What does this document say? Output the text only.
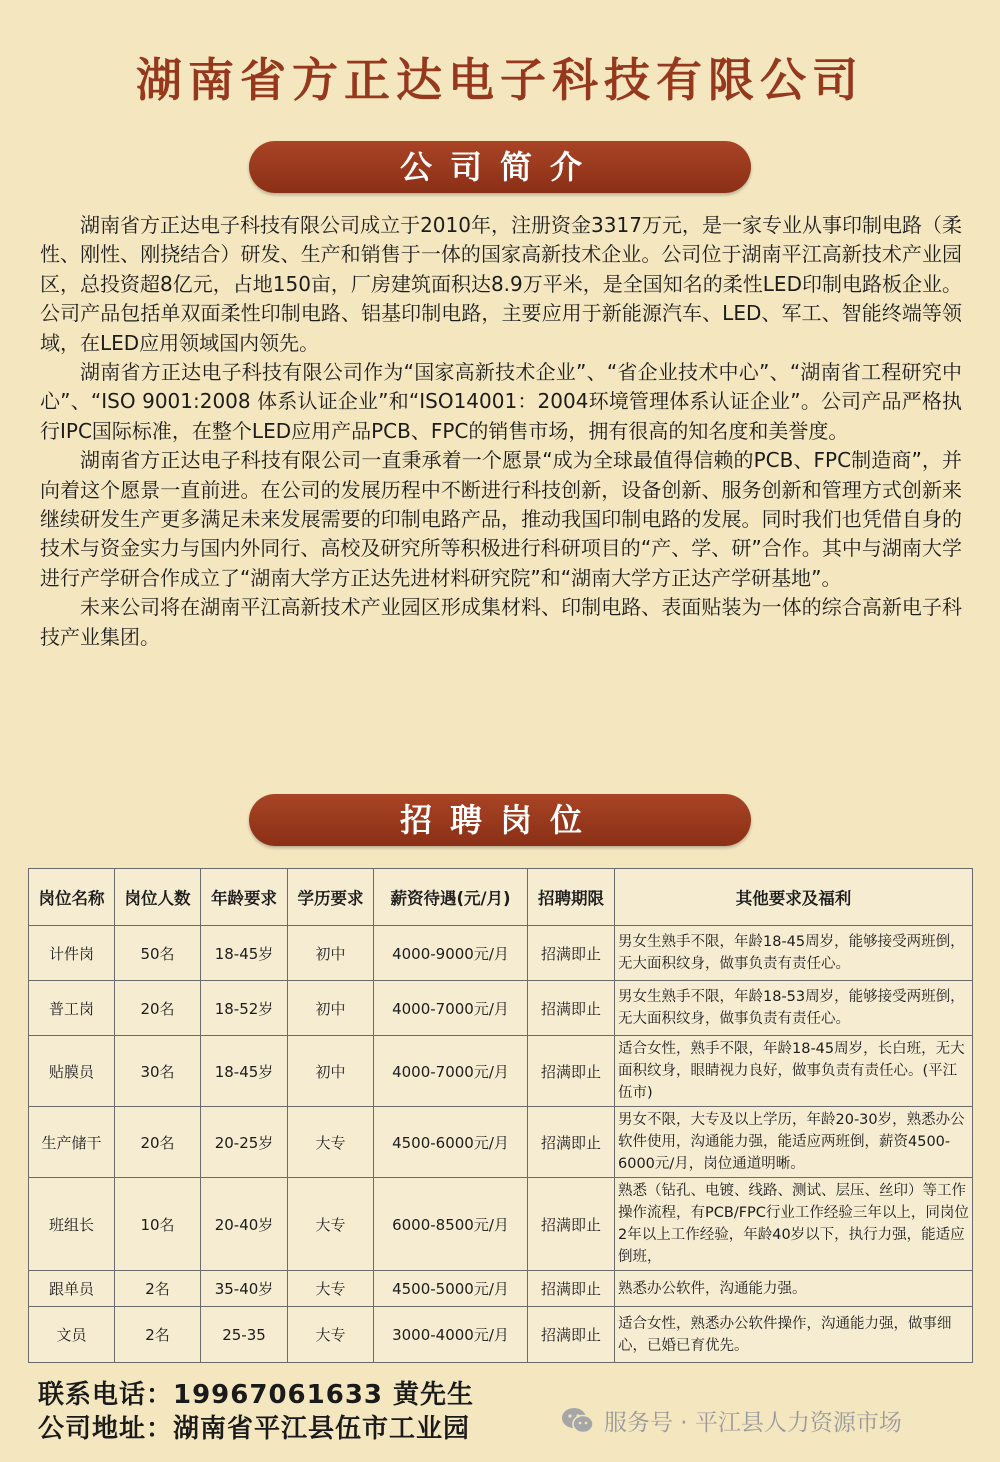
湖南省方正达电子科技有限公司
公司简介

湖南省方正达电子科技有限公司成立于2010年，注册资金3317万元，是一家专业从事印制电路（柔性、刚性、刚挠结合）研发、生产和销售于一体的国家高新技术企业。公司位于湖南平江高新技术产业园区，总投资超8亿元，占地150亩，厂房建筑面积达8.9万平米，是全国知名的柔性LED印制电路板企业。公司产品包括单双面柔性印制电路、铝基印制电路，主要应用于新能源汽车、LED、军工、智能终端等领域，在LED应用领域国内领先。

湖南省方正达电子科技有限公司作为“国家高新技术企业”、“省企业技术中心”、“湖南省工程研究中心”、“ISO 9001:2008 体系认证企业”和“ISO14001：2004环境管理体系认证企业”。公司产品严格执行IPC国际标准，在整个LED应用产品PCB、FPC的销售市场，拥有很高的知名度和美誉度。

湖南省方正达电子科技有限公司一直秉承着一个愿景“成为全球最值得信赖的PCB、FPC制造商”，并向着这个愿景一直前进。在公司的发展历程中不断进行科技创新，设备创新、服务创新和管理方式创新来继续研发生产更多满足未来发展需要的印制电路产品，推动我国印制电路的发展。同时我们也凭借自身的技术与资金实力与国内外同行、高校及研究所等积极进行科研项目的“产、学、研”合作。其中与湖南大学进行产学研合作成立了“湖南大学方正达先进材料研究院”和“湖南大学方正达产学研基地”。

未来公司将在湖南平江高新技术产业园区形成集材料、印制电路、表面贴装为一体的综合高新电子科技产业集团。

招聘岗位
岗位名称	岗位人数	年龄要求	学历要求	薪资待遇(元/月)	招聘期限	其他要求及福利
计件岗	50名	18-45岁	初中	4000-9000元/月	招满即止	男女生熟手不限，年龄18-45周岁，能够接受两班倒，无大面积纹身，做事负责有责任心。
普工岗	20名	18-52岁	初中	4000-7000元/月	招满即止	男女生熟手不限，年龄18-53周岁，能够接受两班倒，无大面积纹身，做事负责有责任心。
贴膜员	30名	18-45岁	初中	4000-7000元/月	招满即止	适合女性，熟手不限，年龄18-45周岁，长白班，无大面积纹身，眼睛视力良好，做事负责有责任心。(平江伍市)
生产储干	20名	20-25岁	大专	4500-6000元/月	招满即止	男女不限，大专及以上学历，年龄20-30岁，熟悉办公软件使用，沟通能力强，能适应两班倒，薪资4500-6000元/月，岗位通道明晰。
班组长	10名	20-40岁	大专	6000-8500元/月	招满即止	熟悉（钻孔、电镀、线路、测试、层压、丝印）等工作操作流程，有PCB/FPC行业工作经验三年以上，同岗位2年以上工作经验，年龄40岁以下，执行力强，能适应倒班，
跟单员	2名	35-40岁	大专	4500-5000元/月	招满即止	熟悉办公软件，沟通能力强。
文员	2名	25-35	大专	3000-4000元/月	招满即止	适合女性，熟悉办公软件操作，沟通能力强，做事细心，已婚已育优先。
联系电话：19967061633 黄先生
公司地址：湖南省平江县伍市工业园	服务号 · 平江县人力资源市场
